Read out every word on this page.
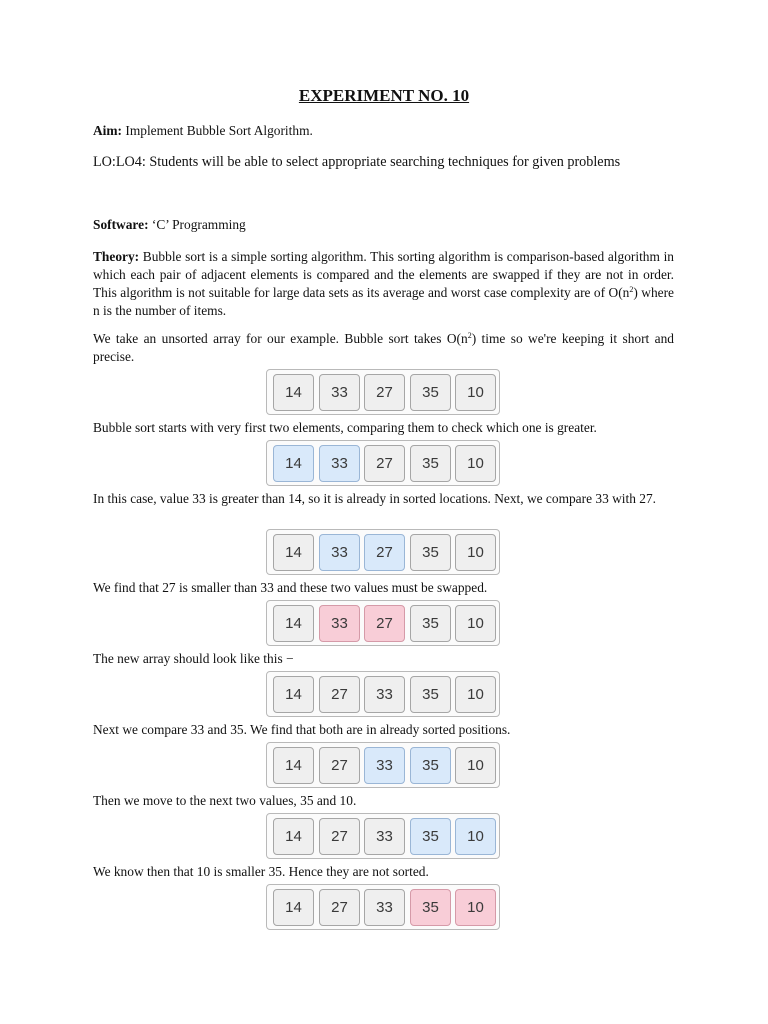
EXPERIMENT NO. 10
Aim: Implement Bubble Sort Algorithm.
LO:LO4: Students will be able to select appropriate searching techniques for given problems
Software: ‘C’ Programming
Theory: Bubble sort is a simple sorting algorithm. This sorting algorithm is comparison-based algorithm in which each pair of adjacent elements is compared and the elements are swapped if they are not in order. This algorithm is not suitable for large data sets as its average and worst case complexity are of $O(n^2)$ where n is the number of items.
We take an unsorted array for our example. Bubble sort takes $O(n^2)$ time so we're keeping it short and precise.
Bubble sort starts with very first two elements, comparing them to check which one is greater.
In this case, value 33 is greater than 14, so it is already in sorted locations. Next, we compare 33 with 27.
We find that 27 is smaller than 33 and these two values must be swapped.
The new array should look like this −
Next we compare 33 and 35. We find that both are in already sorted positions.
Then we move to the next two values, 35 and 10.
We know then that 10 is smaller 35. Hence they are not sorted.
14	33	27	35	10
14	33	27	35	10
14	33	27	35	10
14	33	27	35	10
14	27	33	35	10
14	27	33	35	10
14	27	33	35	10
14	27	33	35	10
